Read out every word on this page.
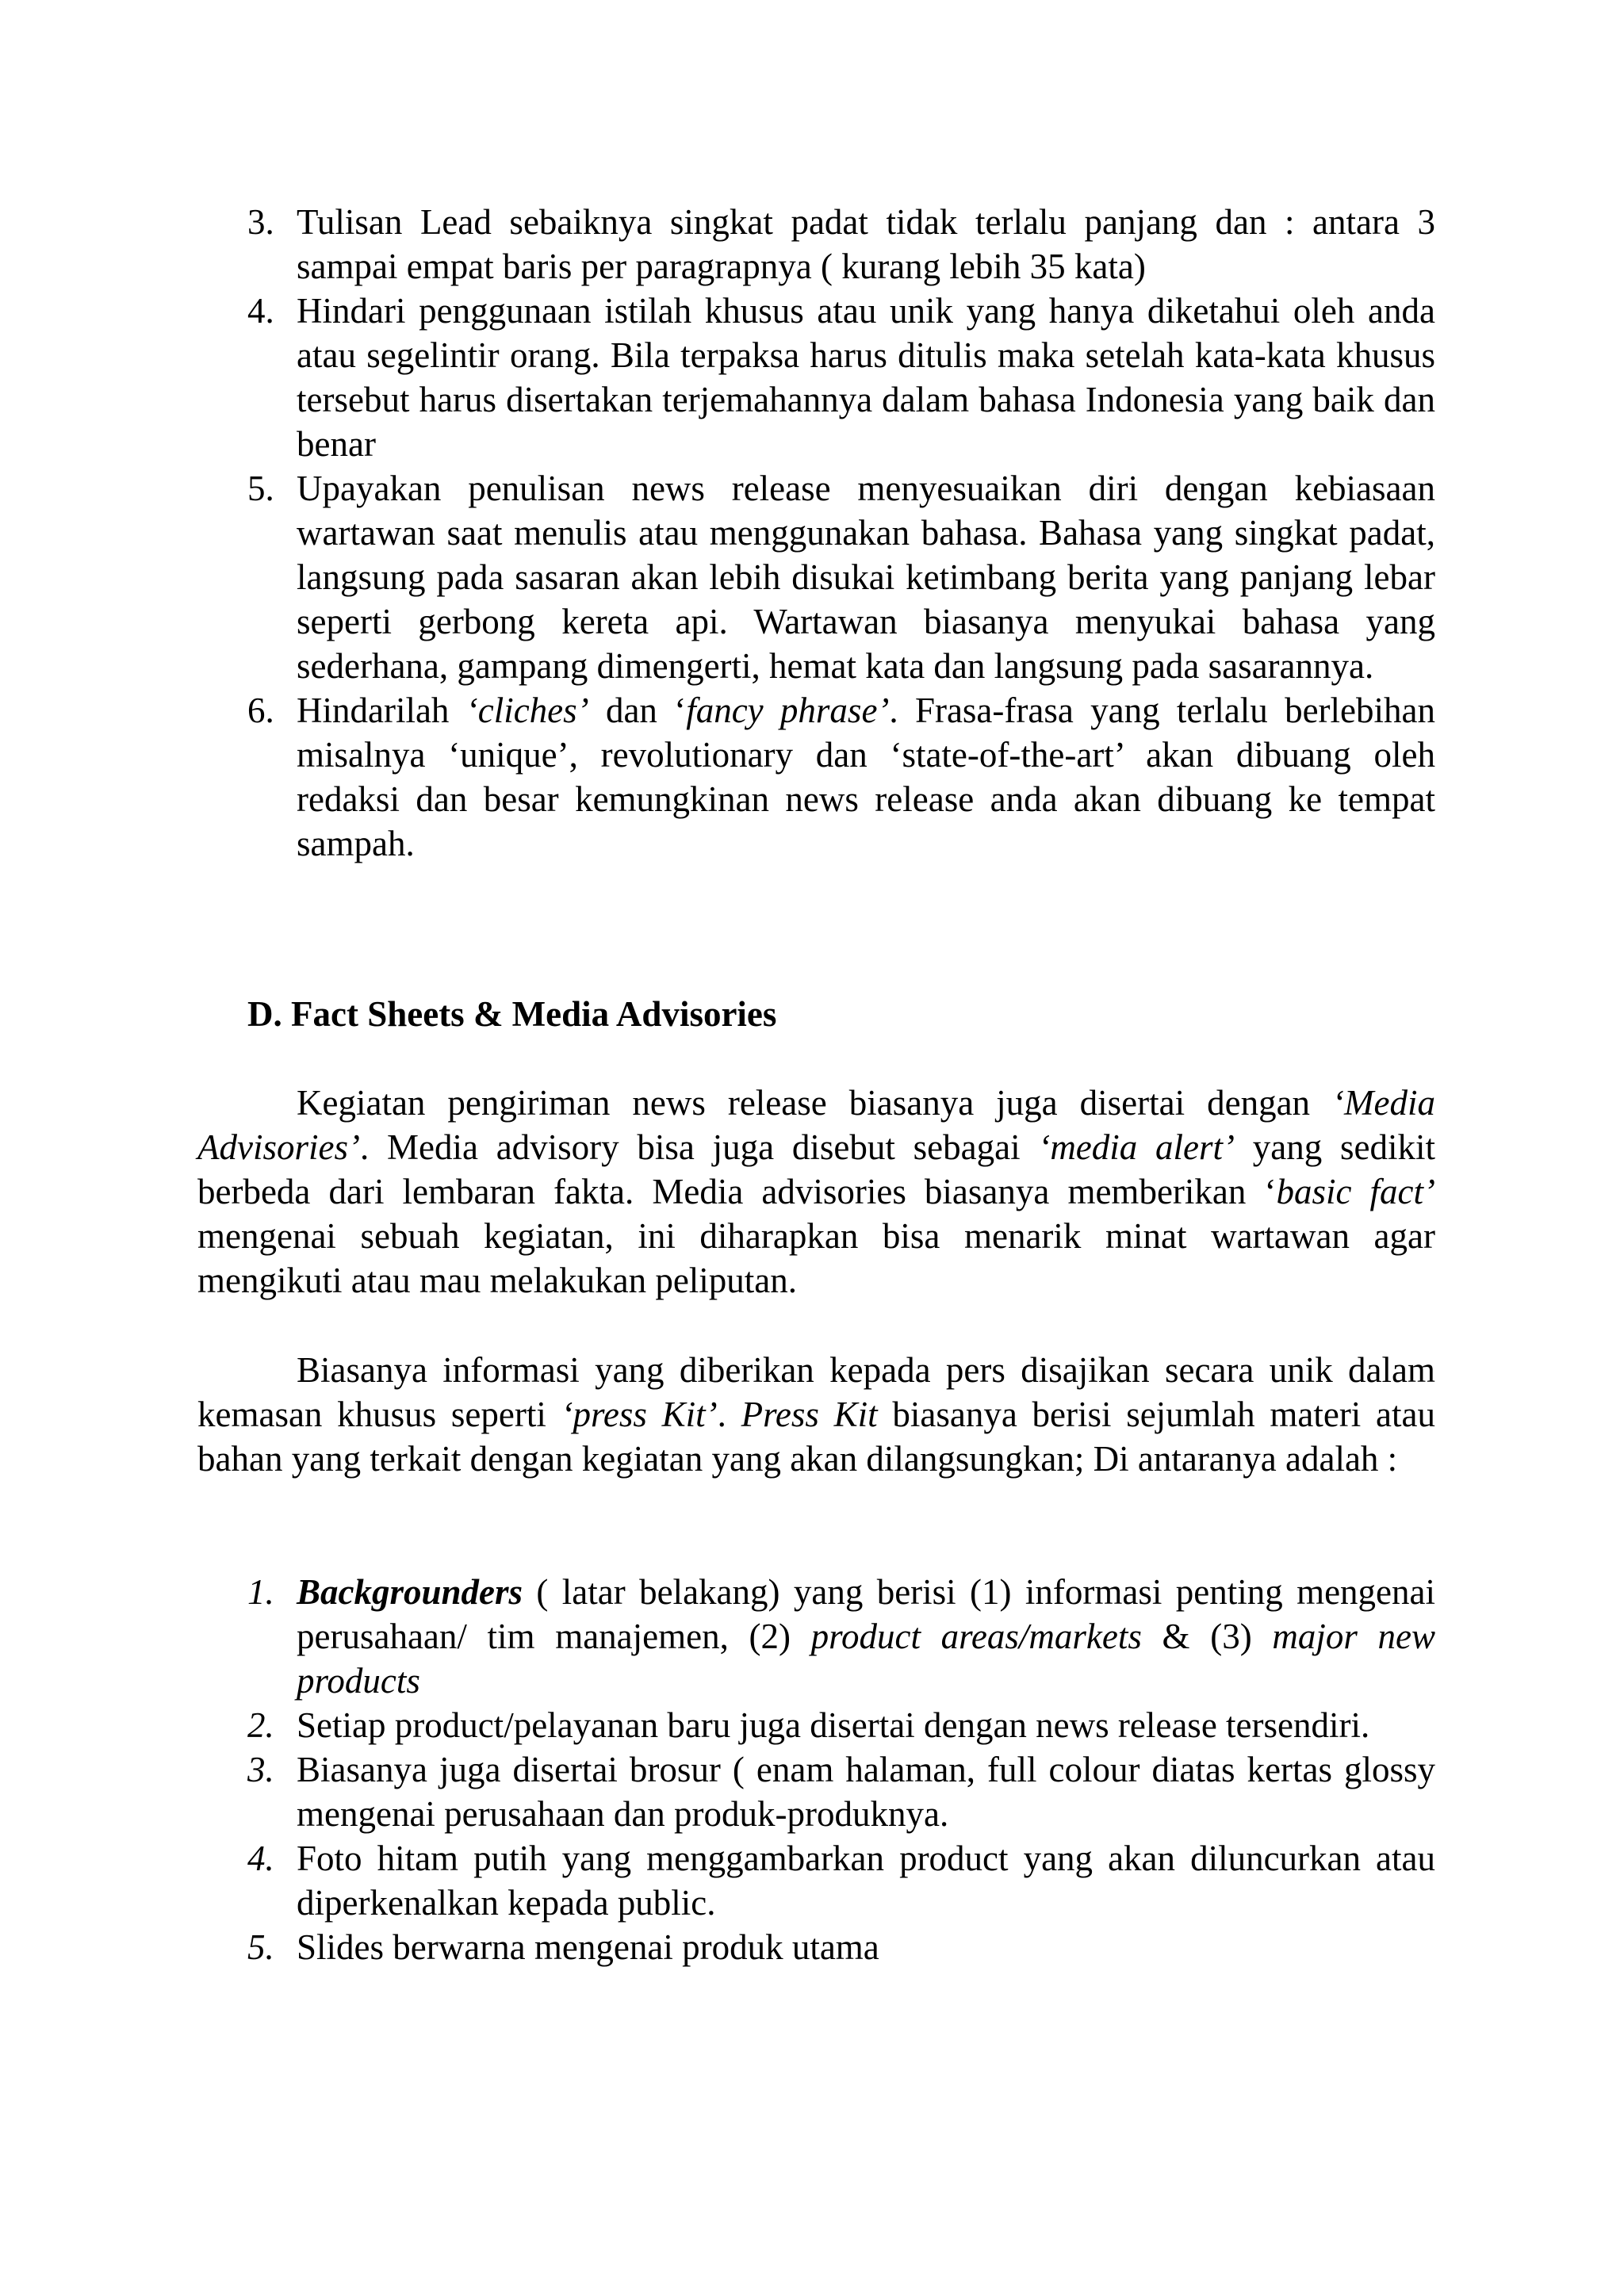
3. Tulisan Lead sebaiknya singkat padat tidak terlalu panjang dan : antara 3 sampai empat baris per paragrapnya ( kurang lebih 35 kata)
4. Hindari penggunaan istilah khusus atau unik yang hanya diketahui oleh anda atau segelintir orang. Bila terpaksa harus ditulis maka setelah kata-kata khusus tersebut harus disertakan terjemahannya dalam bahasa Indonesia yang baik dan benar
5. Upayakan penulisan news release menyesuaikan diri dengan kebiasaan wartawan saat menulis atau menggunakan bahasa. Bahasa yang singkat padat, langsung pada sasaran akan lebih disukai ketimbang berita yang panjang lebar seperti gerbong kereta api. Wartawan biasanya menyukai bahasa yang sederhana, gampang dimengerti, hemat kata dan langsung pada sasarannya.
6. Hindarilah ‘cliches’ dan ‘fancy phrase’. Frasa-frasa yang terlalu berlebihan misalnya ‘unique’, revolutionary dan ‘state-of-the-art’ akan dibuang oleh redaksi dan besar kemungkinan news release anda akan dibuang ke tempat sampah.
D. Fact Sheets & Media Advisories

Kegiatan pengiriman news release biasanya juga disertai dengan ‘Media Advisories’. Media advisory bisa juga disebut sebagai ‘media alert’ yang sedikit berbeda dari lembaran fakta. Media advisories biasanya memberikan ‘basic fact’ mengenai sebuah kegiatan, ini diharapkan bisa menarik minat wartawan agar mengikuti atau mau melakukan peliputan.

Biasanya informasi yang diberikan kepada pers disajikan secara unik dalam kemasan khusus seperti ‘press Kit’. Press Kit biasanya berisi sejumlah materi atau bahan yang terkait dengan kegiatan yang akan dilangsungkan; Di antaranya adalah :

1. Backgrounders ( latar belakang) yang berisi (1) informasi penting mengenai perusahaan/ tim manajemen, (2) product areas/markets & (3) major new products
2. Setiap product/pelayanan baru juga disertai dengan news release tersendiri.
3. Biasanya juga disertai brosur ( enam halaman, full colour diatas kertas glossy mengenai perusahaan dan produk-produknya.
4. Foto hitam putih yang menggambarkan product yang akan diluncurkan atau diperkenalkan kepada public.
5. Slides berwarna mengenai produk utama
